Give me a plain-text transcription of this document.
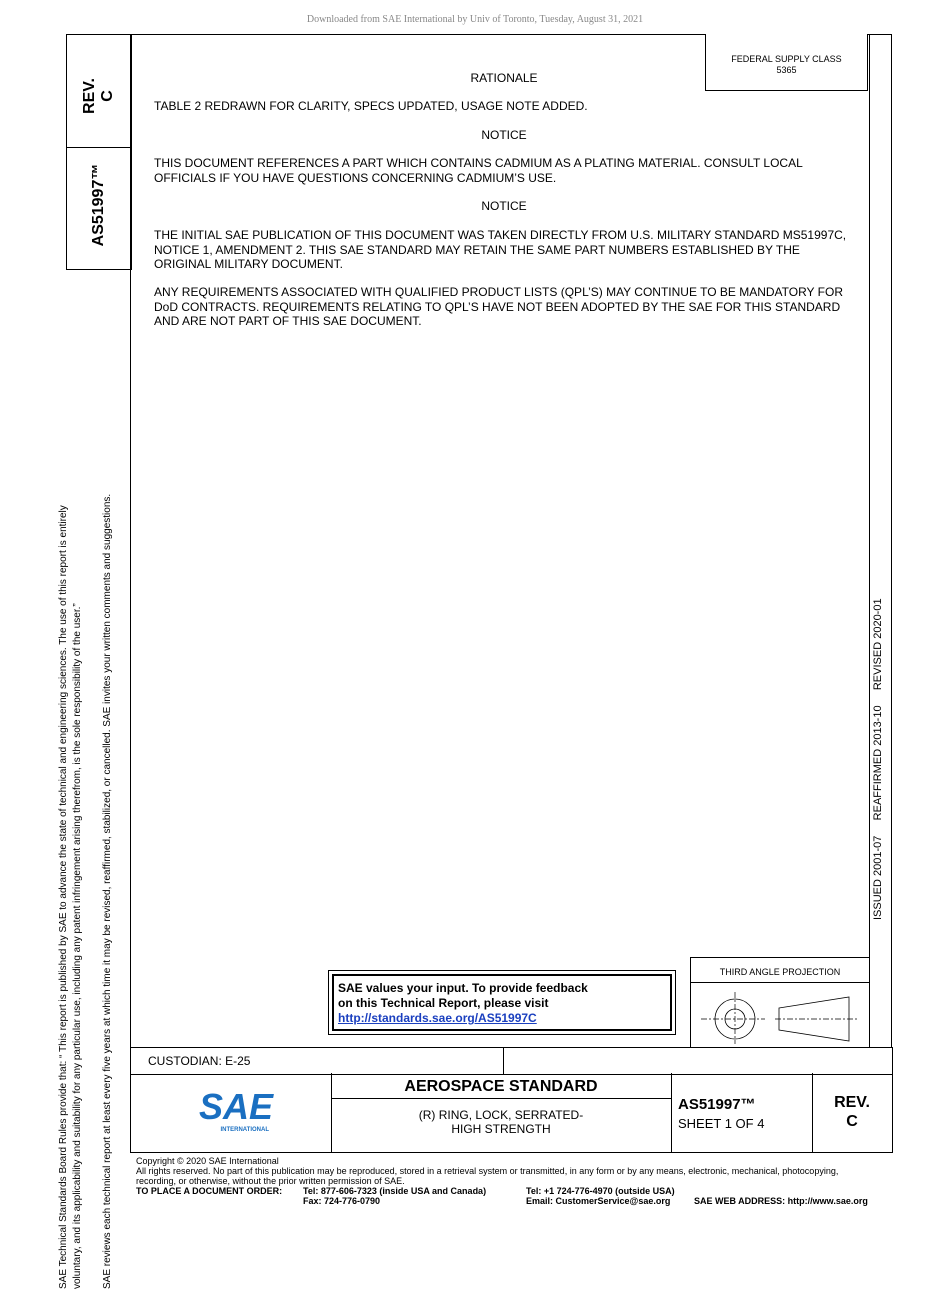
Downloaded from SAE International by Univ of Toronto, Tuesday, August 31, 2021
REV.
C
AS51997™

SAE Technical Standards Board Rules provide that: “ This report is published by SAE to advance the state of technical and engineering sciences. The use of this report is entirely voluntary, and its applicability and suitability for any particular use, including any patent infringement arising therefrom, is the sole responsibility of the user.” SAE reviews each technical report at least every five years at which time it may be revised, reaffirmed, stabilized, or cancelled. SAE invites your written comments and suggestions.	ISSUED 2001-07     REAFFIRMED 2013-10     REVISED 2020-01
FEDERAL SUPPLY CLASS
5365
RATIONALE
TABLE 2 REDRAWN FOR CLARITY, SPECS UPDATED, USAGE NOTE ADDED.
NOTICE
THIS DOCUMENT REFERENCES A PART WHICH CONTAINS CADMIUM AS A PLATING MATERIAL. CONSULT LOCAL OFFICIALS IF YOU HAVE QUESTIONS CONCERNING CADMIUM’S USE.
NOTICE
THE INITIAL SAE PUBLICATION OF THIS DOCUMENT WAS TAKEN DIRECTLY FROM U.S. MILITARY STANDARD MS51997C, NOTICE 1, AMENDMENT 2. THIS SAE STANDARD MAY RETAIN THE SAME PART NUMBERS ESTABLISHED BY THE ORIGINAL MILITARY DOCUMENT.
ANY REQUIREMENTS ASSOCIATED WITH QUALIFIED PRODUCT LISTS (QPL’S) MAY CONTINUE TO BE MANDATORY FOR DoD CONTRACTS. REQUIREMENTS RELATING TO QPL’S HAVE NOT BEEN ADOPTED BY THE SAE FOR THIS STANDARD AND ARE NOT PART OF THIS SAE DOCUMENT.
SAE values your input. To provide feedback
on this Technical Report, please visit
http://standards.sae.org/AS51997C
THIRD ANGLE PROJECTION
CUSTODIAN: E-25
SAE
INTERNATIONAL
AEROSPACE STANDARD
(R) RING, LOCK, SERRATED-
HIGH STRENGTH
AS51997™
SHEET 1 OF 4
REV.
C

Copyright © 2020 SAE International

All rights reserved. No part of this publication may be reproduced, stored in a retrieval system or transmitted, in any form or by any means, electronic, mechanical, photocopying,

recording, or otherwise, without the prior written permission of SAE.

TO PLACE A DOCUMENT ORDER: Tel: 877-606-7323 (inside USA and Canada)	Tel: +1 724-776-4970 (outside USA)
Fax: 724-776-0790	Email: CustomerService@sae.org	SAE WEB ADDRESS: http://www.sae.org
